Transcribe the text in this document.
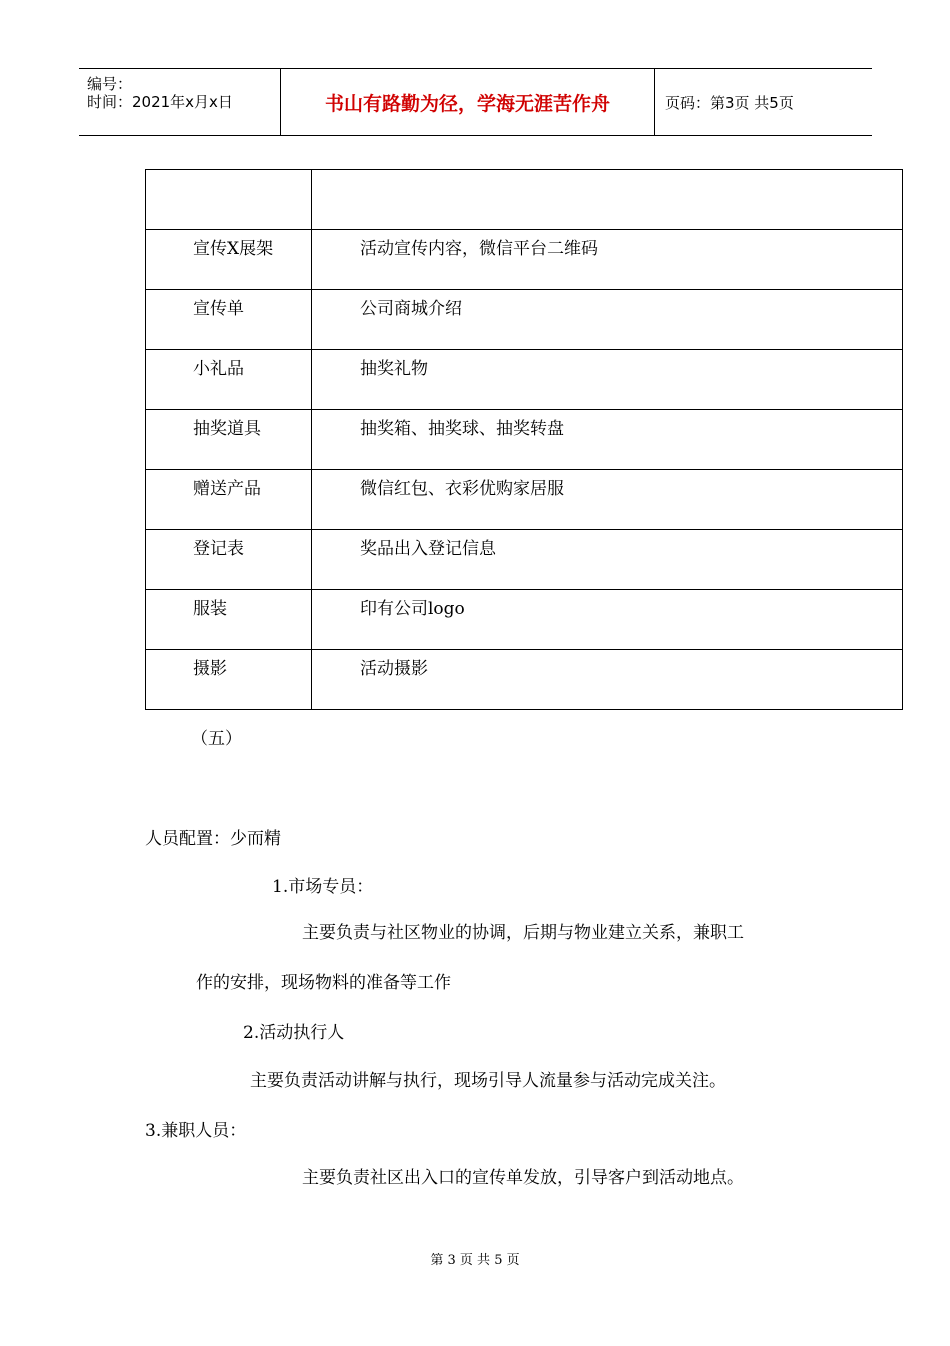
编号：
时间：2021年x月x日	书山有路勤为径，学海无涯苦作舟	页码：第3页 共5页

宣传X展架	活动宣传内容，微信平台二维码
宣传单	公司商城介绍
小礼品	抽奖礼物
抽奖道具	抽奖箱、抽奖球、抽奖转盘
赠送产品	微信红包、衣彩优购家居服
登记表	奖品出入登记信息
服装	印有公司logo
摄影	活动摄影
（五）
人员配置：少而精
1.市场专员：
主要负责与社区物业的协调，后期与物业建立关系，兼职工
作的安排，现场物料的准备等工作
2.活动执行人
主要负责活动讲解与执行，现场引导人流量参与活动完成关注。
3.兼职人员：
主要负责社区出入口的宣传单发放，引导客户到活动地点。
第 3 页 共 5 页
